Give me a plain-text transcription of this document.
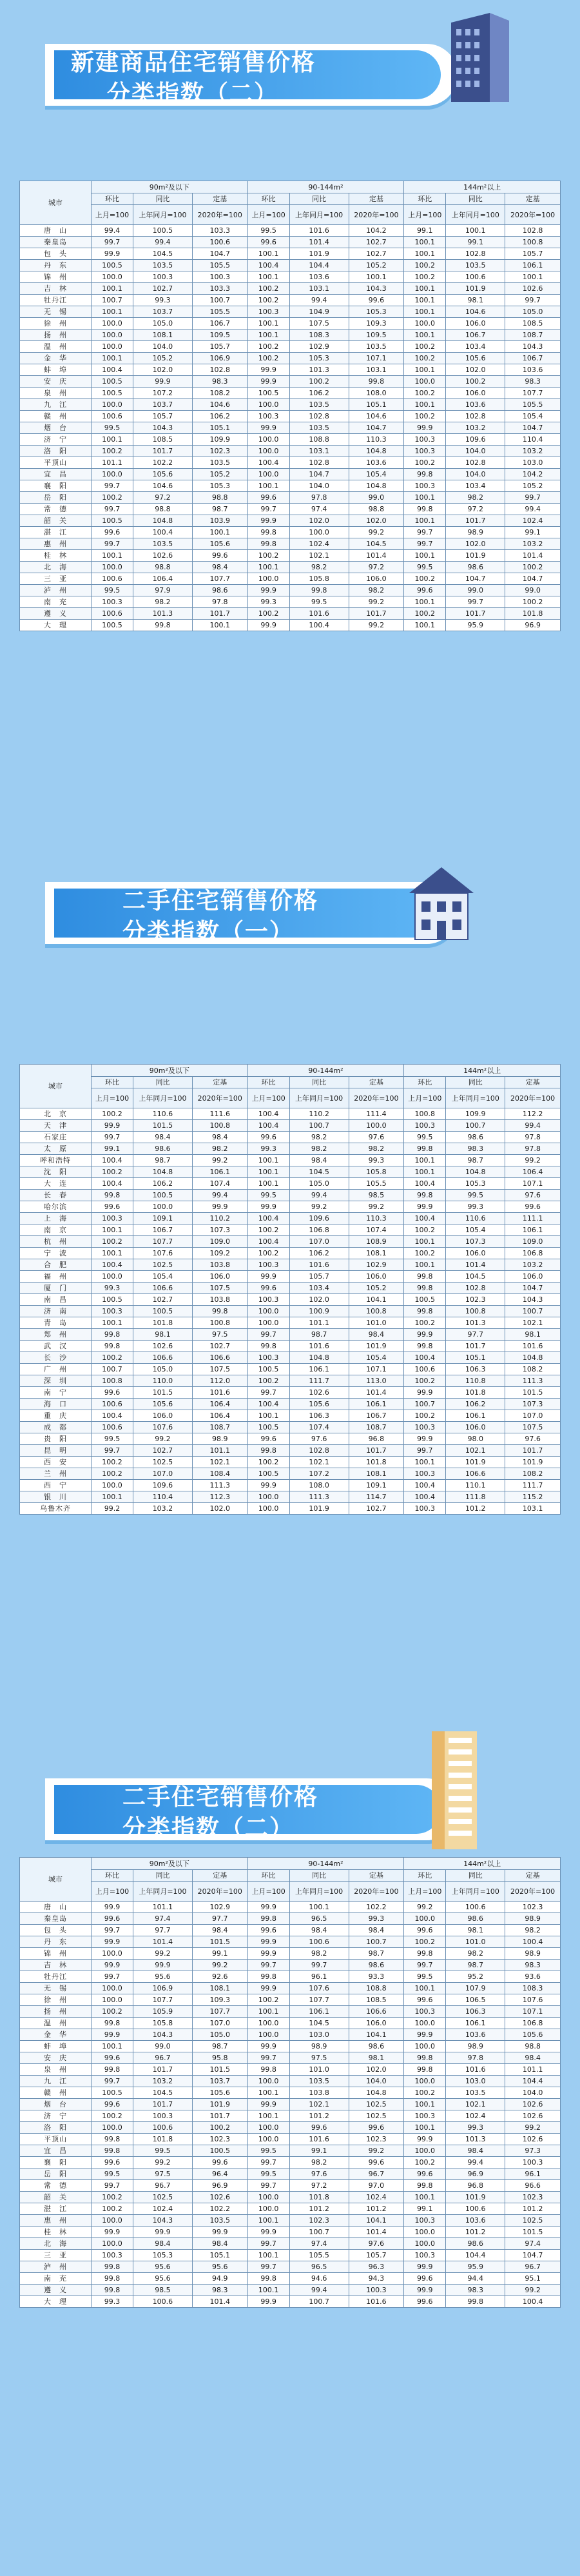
新建商品住宅销售价格
分类指数（二）
城市	90m²及以下			90-144m²			144m²以上		
	环比	同比	定基	环比	同比	定基	环比	同比	定基
	上月=100	上年同月=100	2020年=100	上月=100	上年同月=100	2020年=100	上月=100	上年同月=100	2020年=100
唐　山	99.4	100.5	103.3	99.5	101.6	104.2	99.1	100.1	102.8
秦皇岛	99.7	99.4	100.6	99.6	101.4	102.7	100.1	99.1	100.8
包　头	99.9	104.5	104.7	100.1	101.9	102.7	100.1	102.8	105.7
丹　东	100.5	103.5	105.5	100.4	104.4	105.2	100.2	103.5	106.1
锦　州	100.0	100.3	100.3	100.1	103.6	100.1	100.2	100.6	100.1
吉　林	100.1	102.7	103.3	100.2	103.1	104.3	100.1	101.9	102.6
牡丹江	100.7	99.3	100.7	100.2	99.4	99.6	100.1	98.1	99.7
无　锡	100.1	103.7	105.5	100.3	104.9	105.3	100.1	104.6	105.0
徐　州	100.0	105.0	106.7	100.1	107.5	109.3	100.0	106.0	108.5
扬　州	100.0	108.1	109.5	100.1	108.3	109.5	100.1	106.7	108.7
温　州	100.0	104.0	105.7	100.2	102.9	103.5	100.2	103.4	104.3
金　华	100.1	105.2	106.9	100.2	105.3	107.1	100.2	105.6	106.7
蚌　埠	100.4	102.0	102.8	99.9	101.3	103.1	100.1	102.0	103.6
安　庆	100.5	99.9	98.3	99.9	100.2	99.8	100.0	100.2	98.3
泉　州	100.5	107.2	108.2	100.5	106.2	108.0	100.2	106.0	107.7
九　江	100.0	103.7	104.6	100.0	103.5	105.1	100.1	103.6	105.5
赣　州	100.6	105.7	106.2	100.3	102.8	104.6	100.2	102.8	105.4
烟　台	99.5	104.3	105.1	99.9	103.5	104.7	99.9	103.2	104.7
济　宁	100.1	108.5	109.9	100.0	108.8	110.3	100.3	109.6	110.4
洛　阳	100.2	101.7	102.3	100.0	103.1	104.8	100.3	104.0	103.2
平顶山	101.1	102.2	103.5	100.4	102.8	103.6	100.2	102.8	103.0
宜　昌	100.0	105.6	105.2	100.0	104.7	105.4	99.8	104.0	104.2
襄　阳	99.7	104.6	105.3	100.1	104.0	104.8	100.3	103.4	105.2
岳　阳	100.2	97.2	98.8	99.6	97.8	99.0	100.1	98.2	99.7
常　德	99.7	98.8	98.7	99.7	97.4	98.8	99.8	97.2	99.4
韶　关	100.5	104.8	103.9	99.9	102.0	102.0	100.1	101.7	102.4
湛　江	99.6	100.4	100.1	99.8	100.0	99.2	99.7	98.9	99.1
惠　州	99.7	103.5	105.6	99.8	102.4	104.5	99.7	102.0	103.2
桂　林	100.1	102.6	99.6	100.2	102.1	101.4	100.1	101.9	101.4
北　海	100.0	98.8	98.4	100.1	98.2	97.2	99.5	98.6	100.2
三　亚	100.6	106.4	107.7	100.0	105.8	106.0	100.2	104.7	104.7
泸　州	99.5	97.9	98.6	99.9	99.8	98.2	99.6	99.0	99.0
南　充	100.3	98.2	97.8	99.3	99.5	99.2	100.1	99.7	100.2
遵　义	100.6	101.3	101.7	100.2	101.6	101.7	100.2	101.7	101.8
大　理	100.5	99.8	100.1	99.9	100.4	99.2	100.1	95.9	96.9
二手住宅销售价格
分类指数（一）
城市	90m²及以下			90-144m²			144m²以上		
	环比	同比	定基	环比	同比	定基	环比	同比	定基
	上月=100	上年同月=100	2020年=100	上月=100	上年同月=100	2020年=100	上月=100	上年同月=100	2020年=100
北　京	100.2	110.6	111.6	100.4	110.2	111.4	100.8	109.9	112.2
天　津	99.9	101.5	100.8	100.4	100.7	100.0	100.3	100.7	99.4
石家庄	99.7	98.4	98.4	99.6	98.2	97.6	99.5	98.6	97.8
太　原	99.1	98.6	98.2	99.3	98.2	98.2	99.8	98.3	97.8
呼和浩特	100.4	98.7	99.2	100.1	98.4	99.3	100.1	98.7	99.2
沈　阳	100.2	104.8	106.1	100.1	104.5	105.8	100.1	104.8	106.4
大　连	100.4	106.2	107.4	100.1	105.0	105.5	100.4	105.3	107.1
长　春	99.8	100.5	99.4	99.5	99.4	98.5	99.8	99.5	97.6
哈尔滨	99.6	100.0	99.9	99.9	99.2	99.2	99.9	99.3	99.6
上　海	100.3	109.1	110.2	100.4	109.6	110.3	100.4	110.6	111.1
南　京	100.1	106.7	107.3	100.2	106.8	107.4	100.2	105.4	106.1
杭　州	100.2	107.7	109.0	100.4	107.0	108.9	100.1	107.3	109.0
宁　波	100.1	107.6	109.2	100.2	106.2	108.1	100.2	106.0	106.8
合　肥	100.4	102.5	103.8	100.3	101.6	102.9	100.1	101.4	103.2
福　州	100.0	105.4	106.0	99.9	105.7	106.0	99.8	104.5	106.0
厦　门	99.3	106.6	107.5	99.6	103.4	105.2	99.8	102.8	104.7
南　昌	100.5	102.7	103.8	100.3	102.0	104.1	100.5	102.3	104.3
济　南	100.3	100.5	99.8	100.0	100.9	100.8	99.8	100.8	100.7
青　岛	100.1	101.8	100.8	100.0	101.1	101.0	100.2	101.3	102.1
郑　州	99.8	98.1	97.5	99.7	98.7	98.4	99.9	97.7	98.1
武　汉	99.8	102.6	102.7	99.8	101.6	101.9	99.8	101.7	101.6
长　沙	100.2	106.6	106.6	100.3	104.8	105.4	100.4	105.1	104.8
广　州	100.7	105.0	107.5	100.5	106.1	107.1	100.6	106.3	108.2
深　圳	100.8	110.0	112.0	100.2	111.7	113.0	100.2	110.8	111.3
南　宁	99.6	101.5	101.6	99.7	102.6	101.4	99.9	101.8	101.5
海　口	100.6	105.6	106.4	100.4	105.6	106.1	100.7	106.2	107.3
重　庆	100.4	106.0	106.4	100.1	106.3	106.7	100.2	106.1	107.0
成　都	100.6	107.6	108.7	100.5	107.4	108.7	100.3	106.0	107.5
贵　阳	99.5	99.2	98.9	99.6	97.6	96.8	99.9	98.0	97.6
昆　明	99.7	102.7	101.1	99.8	102.8	101.7	99.7	102.1	101.7
西　安	100.2	102.5	102.1	100.2	102.1	101.8	100.1	101.9	101.9
兰　州	100.2	107.0	108.4	100.5	107.2	108.1	100.3	106.6	108.2
西　宁	100.0	109.6	111.3	99.9	108.0	109.1	100.4	110.1	111.7
银　川	100.1	110.4	112.3	100.0	111.3	114.7	100.4	111.8	115.2
乌鲁木齐	99.2	103.2	102.0	100.0	101.9	102.7	100.3	101.2	103.1
二手住宅销售价格
分类指数（二）
城市	90m²及以下			90-144m²			144m²以上		
	环比	同比	定基	环比	同比	定基	环比	同比	定基
	上月=100	上年同月=100	2020年=100	上月=100	上年同月=100	2020年=100	上月=100	上年同月=100	2020年=100
唐　山	99.9	101.1	102.9	99.9	100.1	102.2	99.2	100.6	102.3
秦皇岛	99.6	97.4	97.7	99.8	96.5	99.3	100.0	98.6	98.9
包　头	99.7	97.7	98.4	99.6	98.4	98.4	99.6	98.1	98.2
丹　东	99.9	101.4	101.5	99.9	100.6	100.7	100.2	101.0	100.4
锦　州	100.0	99.2	99.1	99.9	98.2	98.7	99.8	98.2	98.9
吉　林	99.9	99.9	99.2	99.7	99.7	98.6	99.7	98.7	98.3
牡丹江	99.7	95.6	92.6	99.8	96.1	93.3	99.5	95.2	93.6
无　锡	100.0	106.9	108.1	99.9	107.6	108.8	100.1	107.9	108.3
徐　州	100.0	107.7	109.3	100.2	107.7	108.5	99.6	106.5	107.6
扬　州	100.2	105.9	107.7	100.1	106.1	106.6	100.3	106.3	107.1
温　州	99.8	105.8	107.0	100.0	104.5	106.0	100.0	106.1	106.8
金　华	99.9	104.3	105.0	100.0	103.0	104.1	99.9	103.6	105.6
蚌　埠	100.1	99.0	98.7	99.9	98.9	98.6	100.0	98.9	98.8
安　庆	99.6	96.7	95.8	99.7	97.5	98.1	99.8	97.8	98.4
泉　州	99.8	101.7	101.5	99.8	101.0	102.0	99.8	101.6	101.1
九　江	99.7	103.2	103.7	100.0	103.5	104.0	100.0	103.0	104.4
赣　州	100.5	104.5	105.6	100.1	103.8	104.8	100.2	103.5	104.0
烟　台	99.6	101.7	101.9	99.9	102.1	102.5	100.1	102.1	102.6
济　宁	100.2	100.3	101.7	100.1	101.2	102.5	100.3	102.4	102.6
洛　阳	100.0	100.6	100.2	100.0	99.6	99.6	100.1	99.3	99.2
平顶山	99.8	101.8	102.3	100.0	101.6	102.3	99.9	101.3	102.6
宜　昌	99.8	99.5	100.5	99.5	99.1	99.2	100.0	98.4	97.3
襄　阳	99.6	99.2	99.6	99.7	98.2	99.6	100.2	99.4	100.3
岳　阳	99.5	97.5	96.4	99.5	97.6	96.7	99.6	96.9	96.1
常　德	99.7	96.7	96.9	99.7	97.2	97.0	99.8	96.8	96.6
韶　关	100.2	102.5	102.6	100.0	101.8	102.4	100.1	101.9	102.3
湛　江	100.2	102.4	102.2	100.0	101.2	101.2	99.1	100.6	101.2
惠　州	100.0	104.3	103.5	100.1	102.3	104.1	100.3	103.6	102.5
桂　林	99.9	99.9	99.9	99.9	100.7	101.4	100.0	101.2	101.5
北　海	100.0	98.4	98.4	99.7	97.4	97.6	100.0	98.6	97.4
三　亚	100.3	105.3	105.1	100.1	105.5	105.7	100.3	104.4	104.7
泸　州	99.8	95.6	95.6	99.7	96.5	96.3	99.9	95.9	96.7
南　充	99.8	95.6	94.9	99.8	94.6	94.3	99.6	94.4	95.1
遵　义	99.8	98.5	98.3	100.1	99.4	100.3	99.9	98.3	99.2
大　理	99.3	100.6	101.4	99.9	100.7	101.6	99.6	99.8	100.4
